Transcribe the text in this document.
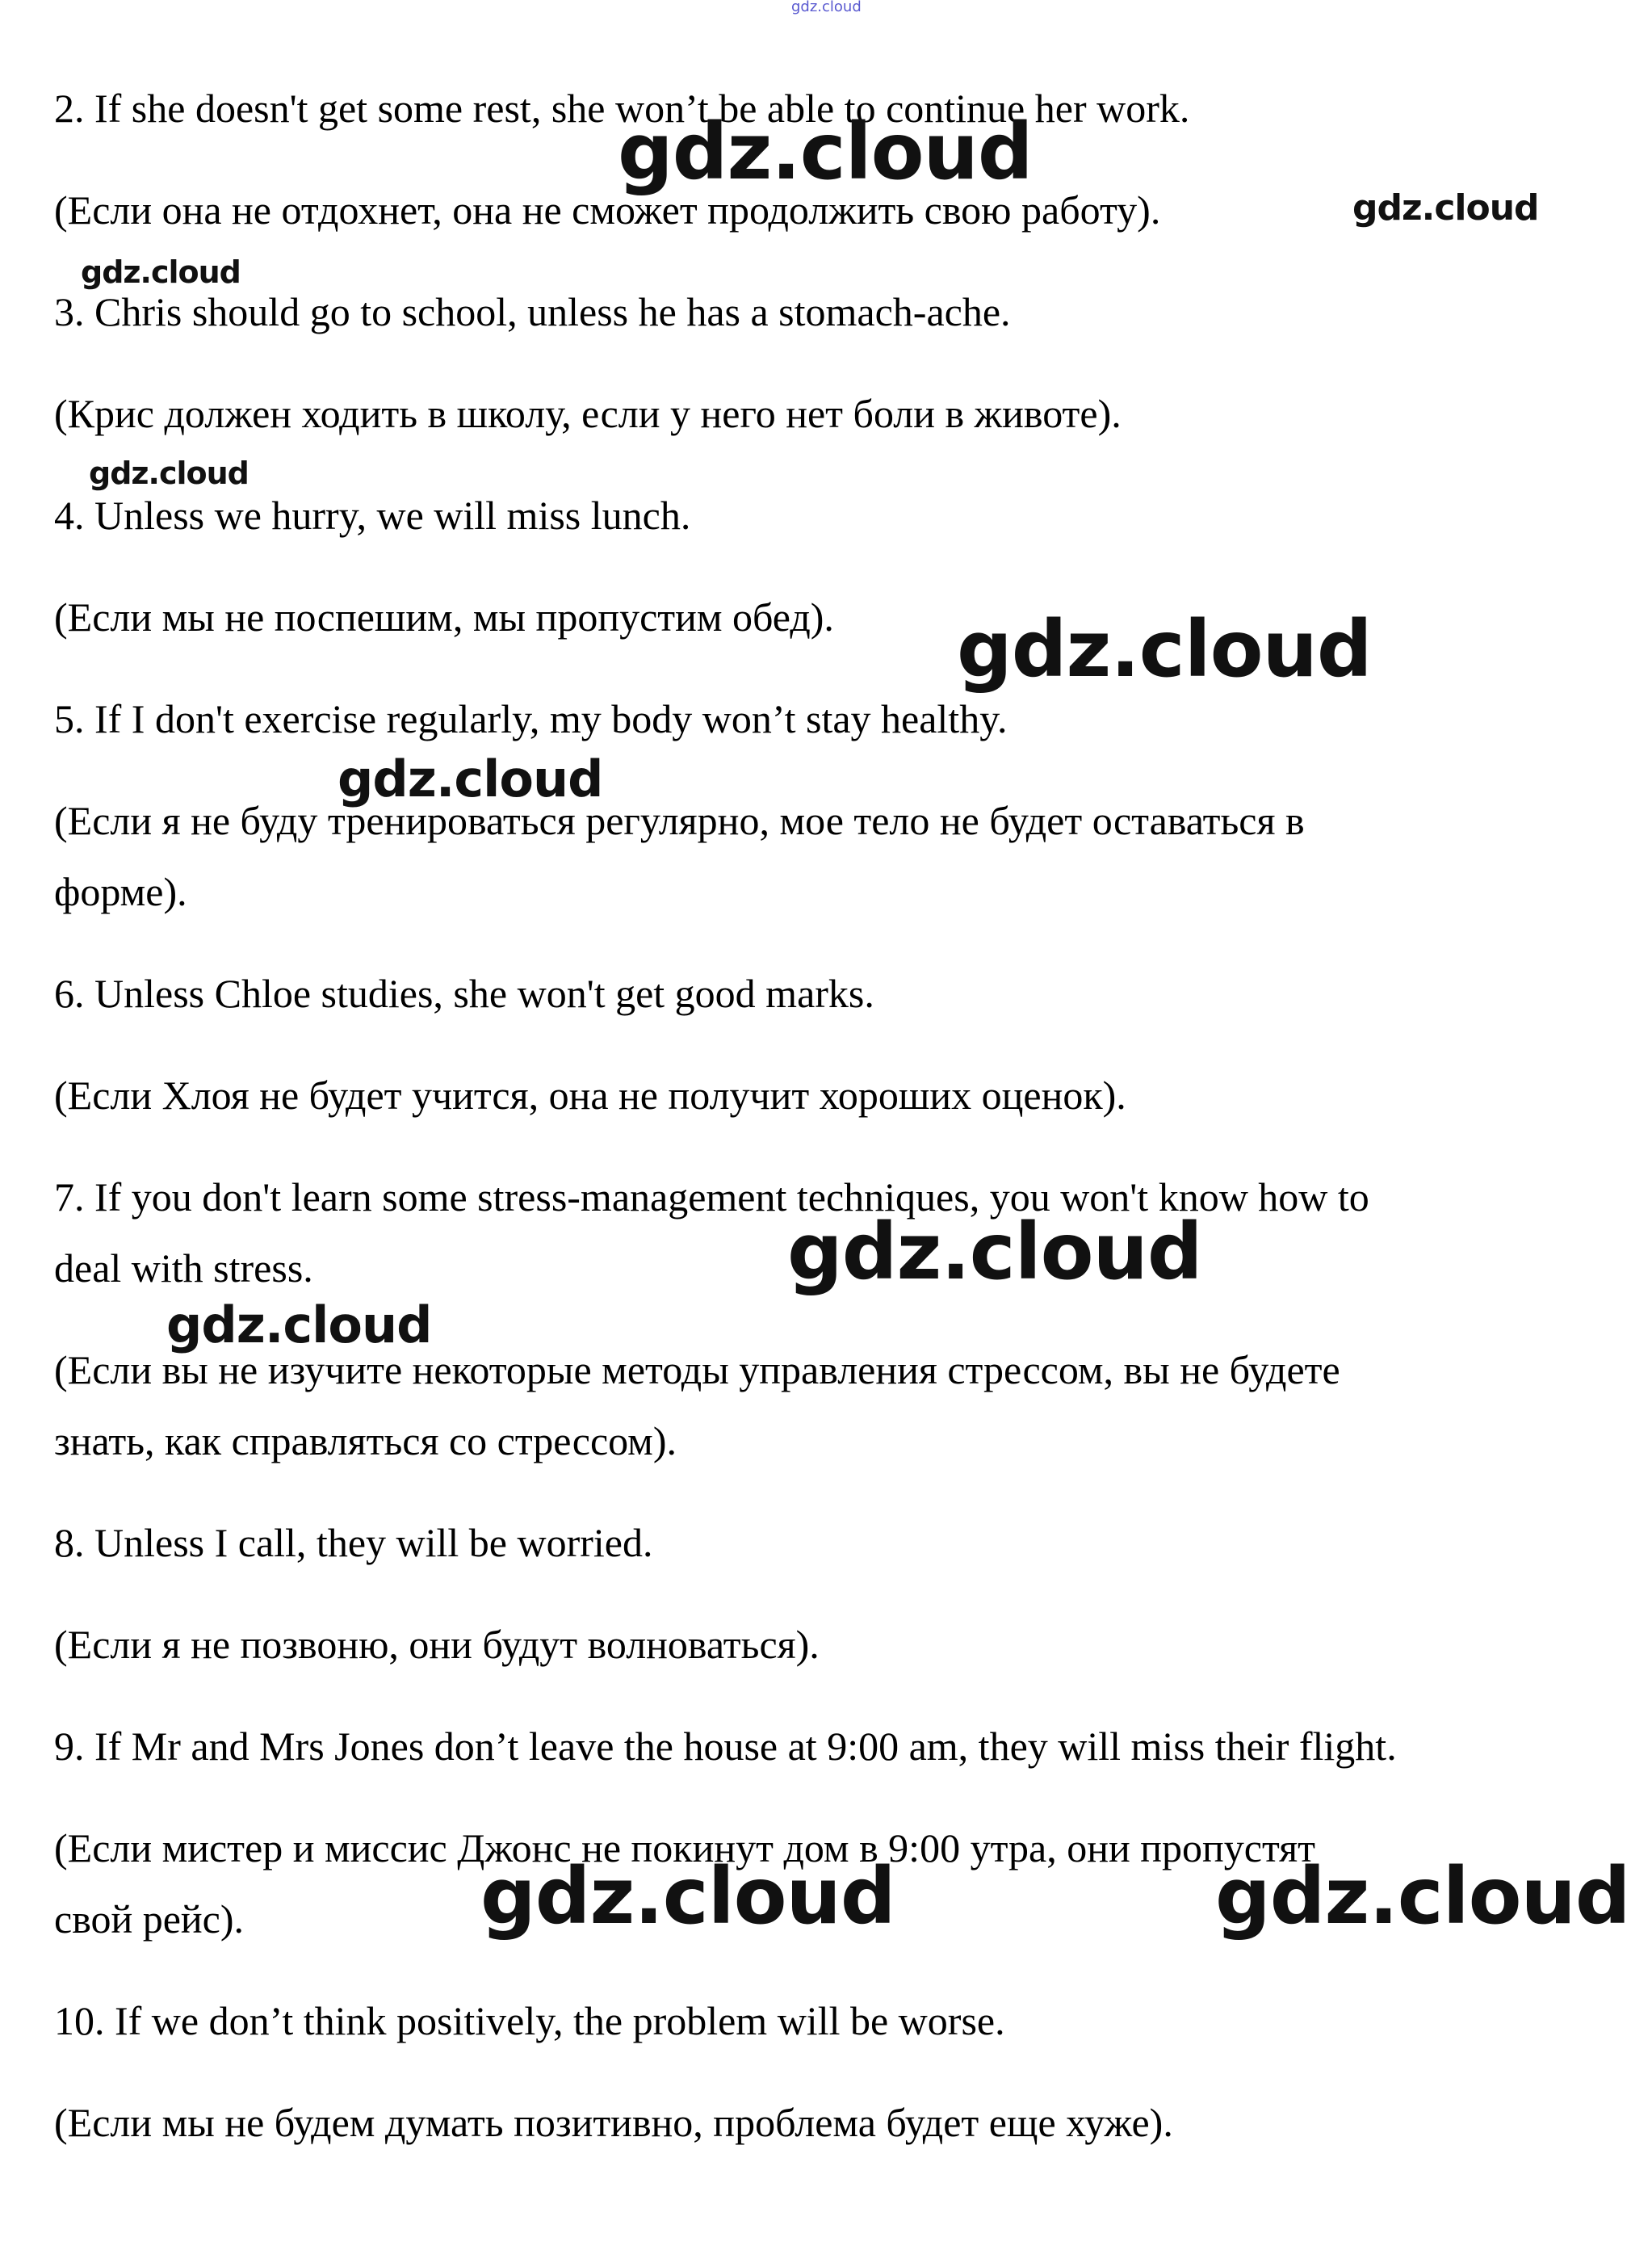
gdz.cloud

2. If she doesn't get some rest, she won’t be able to continue her work.

(Если она не отдохнет, она не сможет продолжить свою работу).

3. Chris should go to school, unless he has a stomach-ache.

(Крис должен ходить в школу, если у него нет боли в животе).

4. Unless we hurry, we will miss lunch.

(Если мы не поспешим, мы пропустим обед).

5. If I don't exercise regularly, my body won’t stay healthy.

(Если я не буду тренироваться регулярно, мое тело не будет оставаться в

форме).

6. Unless Chloe studies, she won't get good marks.

(Если Хлоя не будет учится, она не получит хороших оценок).

7. If you don't learn some stress-management techniques, you won't know how to

deal with stress.

(Если вы не изучите некоторые методы управления стрессом, вы не будете

знать, как справляться со стрессом).

8. Unless I call, they will be worried.

(Если я не позвоню, они будут волноваться).

9. If Mr and Mrs Jones don’t leave the house at 9:00 am, they will miss their flight.

(Если мистер и миссис Джонс не покинут дом в 9:00 утра, они пропустят

свой рейс).

10. If we don’t think positively, the problem will be worse.

(Если мы не будем думать позитивно, проблема будет еще хуже).

gdz.cloud
gdz.cloud
gdz.cloud
gdz.cloud
gdz.cloud
gdz.cloud
gdz.cloud
gdz.cloud
gdz.cloud	gdz.cloud
